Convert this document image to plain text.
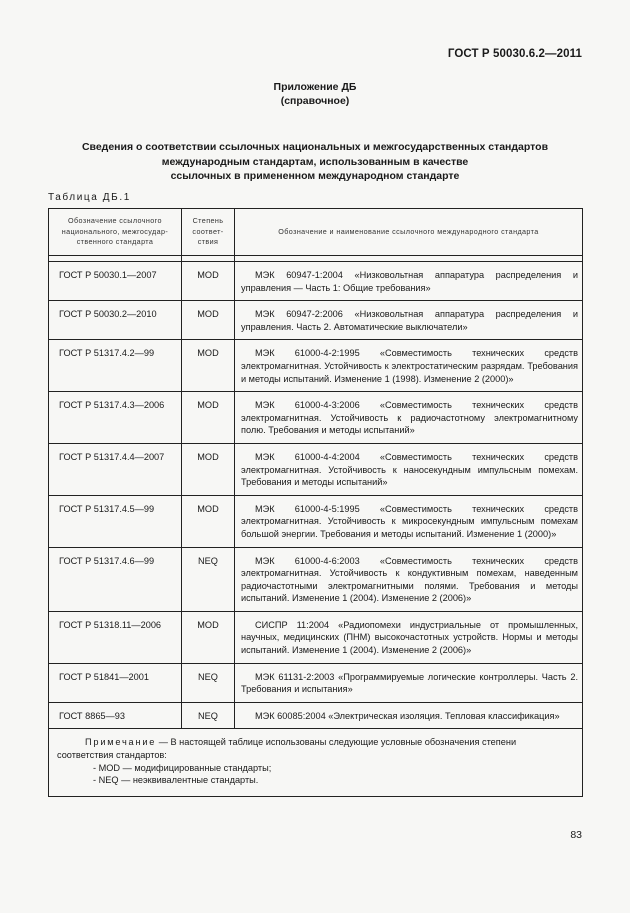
ГОСТ Р 50030.6.2—2011
Приложение ДБ
(справочное)
Сведения о соответствии ссылочных национальных и межгосударственных стандартов
международным стандартам, использованным в качестве
ссылочных в примененном международном стандарте
Таблица ДБ.1
Обозначение ссылочного национального, межгосудар-ственного стандарта	Степень соответ-ствия	Обозначение и наименование ссылочного международного стандарта

ГОСТ Р 50030.1—2007	MOD	МЭК 60947-1:2004 «Низковольтная аппаратура распределения и управления — Часть 1: Общие требования»
ГОСТ Р 50030.2—2010	MOD	МЭК 60947-2:2006 «Низковольтная аппаратура распределения и управления. Часть 2. Автоматические выключатели»
ГОСТ Р 51317.4.2—99	MOD	МЭК 61000-4-2:1995 «Совместимость технических средств электромагнитная. Устойчивость к электростатическим разрядам. Требования и методы испытаний. Изменение 1 (1998). Изменение 2 (2000)»
ГОСТ Р 51317.4.3—2006	MOD	МЭК 61000-4-3:2006 «Совместимость технических средств электромагнитная. Устойчивость к радиочастотному электромагнитному полю. Требования и методы испытаний»
ГОСТ Р 51317.4.4—2007	MOD	МЭК 61000-4-4:2004 «Совместимость технических средств электромагнитная. Устойчивость к наносекундным импульсным помехам. Требования и методы испытаний»
ГОСТ Р 51317.4.5—99	MOD	МЭК 61000-4-5:1995 «Совместимость технических средств электромагнитная. Устойчивость к микросекундным импульсным помехам большой энергии. Требования и методы испытаний. Изменение 1 (2000)»
ГОСТ Р 51317.4.6—99	NEQ	МЭК 61000-4-6:2003 «Совместимость технических средств электромагнитная. Устойчивость к кондуктивным помехам, наведенным радиочастотными электромагнитными полями. Требования и методы испытаний. Изменение 1 (2004). Изменение 2 (2006)»
ГОСТ Р 51318.11—2006	MOD	СИСПР 11:2004 «Радиопомехи индустриальные от промышленных, научных, медицинских (ПНМ) высокочастотных устройств. Нормы и методы испытаний. Изменение 1 (2004). Изменение 2 (2006)»
ГОСТ Р 51841—2001	NEQ	МЭК 61131-2:2003 «Программируемые логические контроллеры. Часть 2. Требования и испытания»
ГОСТ 8865—93	NEQ	МЭК 60085:2004 «Электрическая изоляция. Тепловая классификация»

Примечание — В настоящей таблице использованы следующие условные обозначения степени соответствия стандартов:
- MOD — модифицированные стандарты;
- NEQ — неэквивалентные стандарты.		
83
